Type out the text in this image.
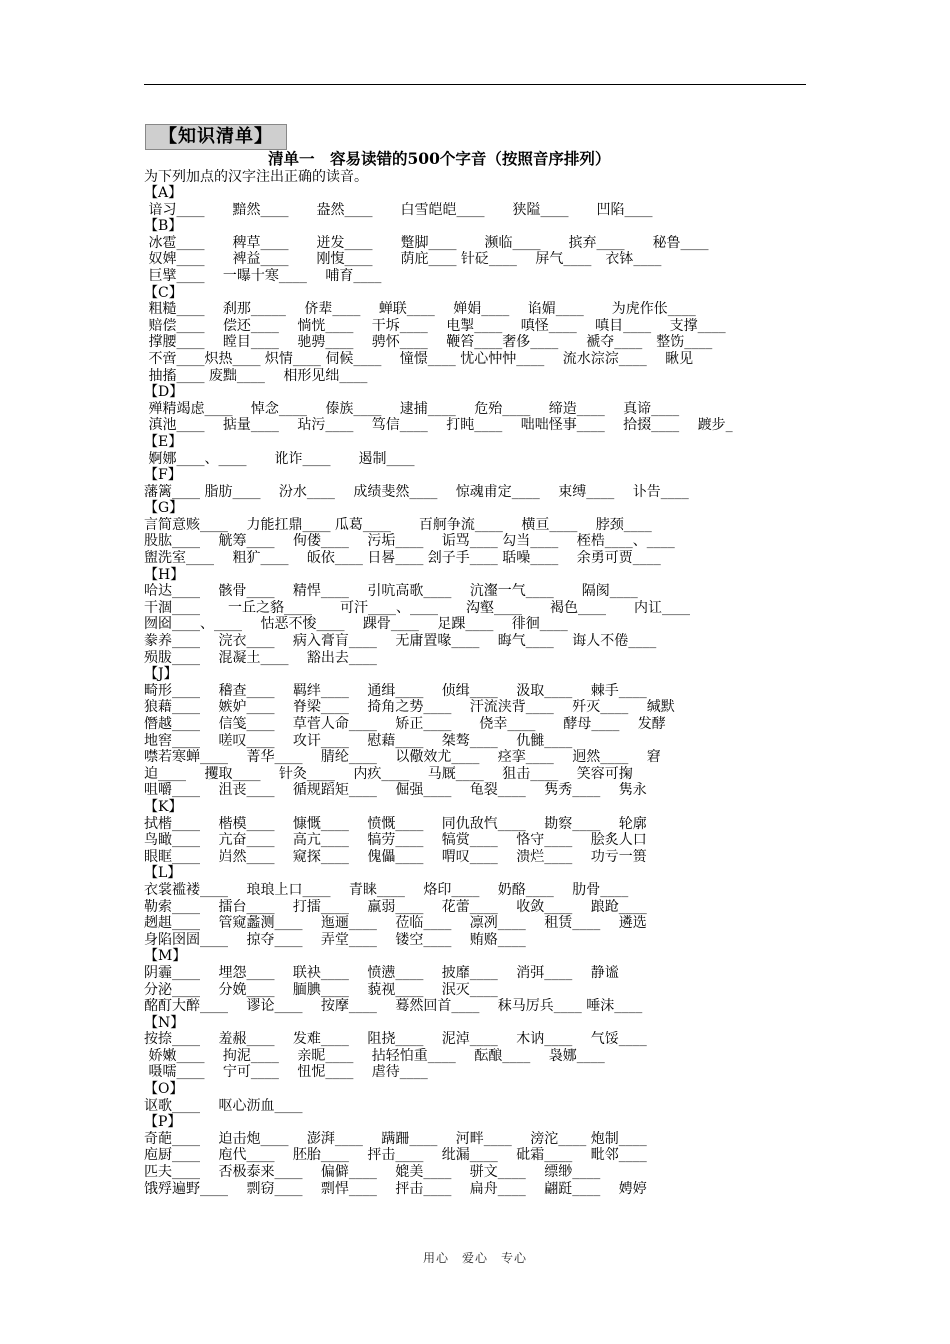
【知识清单】
清单一　容易读错的500个字音（按照音序排列）
为下列加点的汉字注出正确的读音。
【A】
谙习____　　黯然____　　盎然____　　白雪皑皑____　　狭隘____　　凹陷____
【B】
冰雹____　　稗草____　　迸发____　　蹩脚____　　濒临____　　摈弃____　　秘鲁____
奴婢____　　裨益____　　刚愎____　　荫庇____ 针砭____　 屏气____　衣钵____
巨擘____　 一曝十寒____　 哺育____
【C】
粗糙____　 刹那_____　 侪辈____　 蝉联____　 婵娟____　 谄媚____　　为虎作伥____
赔偿____　 偿还____　 惝恍____　 干坼____　 电掣____　 嗔怪____　 嗔目____　 支撑____
撑腰____　 瞠目____　 驰骋____　 骋怀____　 鞭笞____奢侈____　　褫夺____　整饬____
不啻____炽热____ 炽情____ 伺候____　 憧憬____ 忧心忡忡____　 流水淙淙____　 瞅见
抽搐____ 废黜____　 相形见绌____
【D】
殚精竭虑____　 悼念____　 傣族____　 逮捕____　 危殆____　 缔造____　 真谛____
滇池____　 掂量____　 玷污____　 笃信____　 打盹____　 咄咄怪事____　 拾掇____　 踱步_
【E】
婀娜____、____　　讹诈____　　遏制____
【F】
藩篱____ 脂肪____　 汾水____　 成绩斐然____　 惊魂甫定____　 束缚____　 讣告____
【G】
言简意赅____　 力能扛鼎____ 瓜葛____　　百舸争流____　 横亘____　 脖颈____
股肱____　 觥筹____　 佝偻____　 污垢____　 诟骂____ 勾当____　 桎梏____、____
盥洗室____　 粗犷____　 皈依____ 日晷____ 刽子手____ 聒噪____　 余勇可贾____
【H】
哈达____　 骸骨____　 精悍____　 引吭高歌____　 沆瀣一气____　　隔阂____
干涸____　　一丘之貉____　　可汗____、____　　沟壑____　　褐色____　　内讧____
囫囵____、____　 怙恶不悛____　 踝骨____　 足踝____　 徘徊____
豢养____　 浣衣____　 病入膏肓____　 无庸置喙____　 晦气____　 诲人不倦____
殒胈____　 混凝土____　 豁出去____
【J】
畸形____　 稽查____　 羁绊____　 通缉____　 侦缉____　 汲取____　 棘手____
狼藉____　 嫉妒____　 脊梁____　 掎角之势____　 汗流浃背____　 歼灭____　 缄默
僭越____　 信笺____　 草菅人命____　 矫正____　　侥幸____　　酵母____　 发酵
地窖____　 嗟叹____　 攻讦____　 慰藉____　 桀骜____　 仇雠____
噤若寒蝉____　 菁华____　 腈纶____　 以儆效尤____　 痉挛____　 迥然____　 窘
迫____　 攫取____　 针灸____　 内疚____　 马厩____　 狙击____　 笑容可掬
咀嚼____　 沮丧____　 循规蹈矩____　 倔强____　 龟裂____　 隽秀____　 隽永
【K】
拭楷____　 楷模____　 慷慨____　 愤慨____　 同仇敌忾____　 勘察____　 轮廓
鸟瞰____　 亢奋____　 高亢____　 犒劳____　 犒赏____　 恪守____　 脍炙人口
眼眶____　 岿然____　 窥探____　 傀儡____　 喟叹____　 溃烂____　 功亏一篑
【L】
衣裳褴褛____　 琅琅上口____　 青睐____　 烙印____　 奶酪____　 肋骨____
勒索____　 擂台____　 打擂____　 羸弱____　 花蕾____　 收敛____　 踉跄____
趔趄____　 管窥蠡测____　 迤逦____　 莅临____　 凛冽____　 租赁____　 遴选
身陷囹圄____　 掠夺____　 弄堂____　 镂空____　 贿赂____
【M】
阴霾____　 埋怨____　 联袂____　 愤懑____　 披靡____　 消弭____　 静谧
分泌____　 分娩____　 腼腆____　 藐视____　 泯灭____
酩酊大醉____　 谬论____　 按摩____　 蓦然回首____　 秣马厉兵____ 唾沫____
【N】
按捺____　 羞赧____　 发难____　 阻挠____　 泥淖____　 木讷____　 气馁____
娇嫩____　 拘泥____　 亲昵____　 拈轻怕重____　 酝酿____　 袅娜____
嗫嚅____　 宁可____　 忸怩____　 虐待____
【O】
讴歌____　 呕心沥血____
【P】
奇葩____　 迫击炮____　 澎湃____　 蹒跚____　 河畔____　 滂沱____ 炮制____
庖厨____　 庖代____　 胚胎____　 抨击____　 纰漏____　 砒霜____　 毗邻____
匹夫____　 否极泰来____　 偏僻____　 媲美____　 骈文____　 缥缈____
饿殍遍野____　 剽窃____　 剽悍____　 抨击____　 扁舟____　 翩跹____　 娉婷
用心　爱心　专心
